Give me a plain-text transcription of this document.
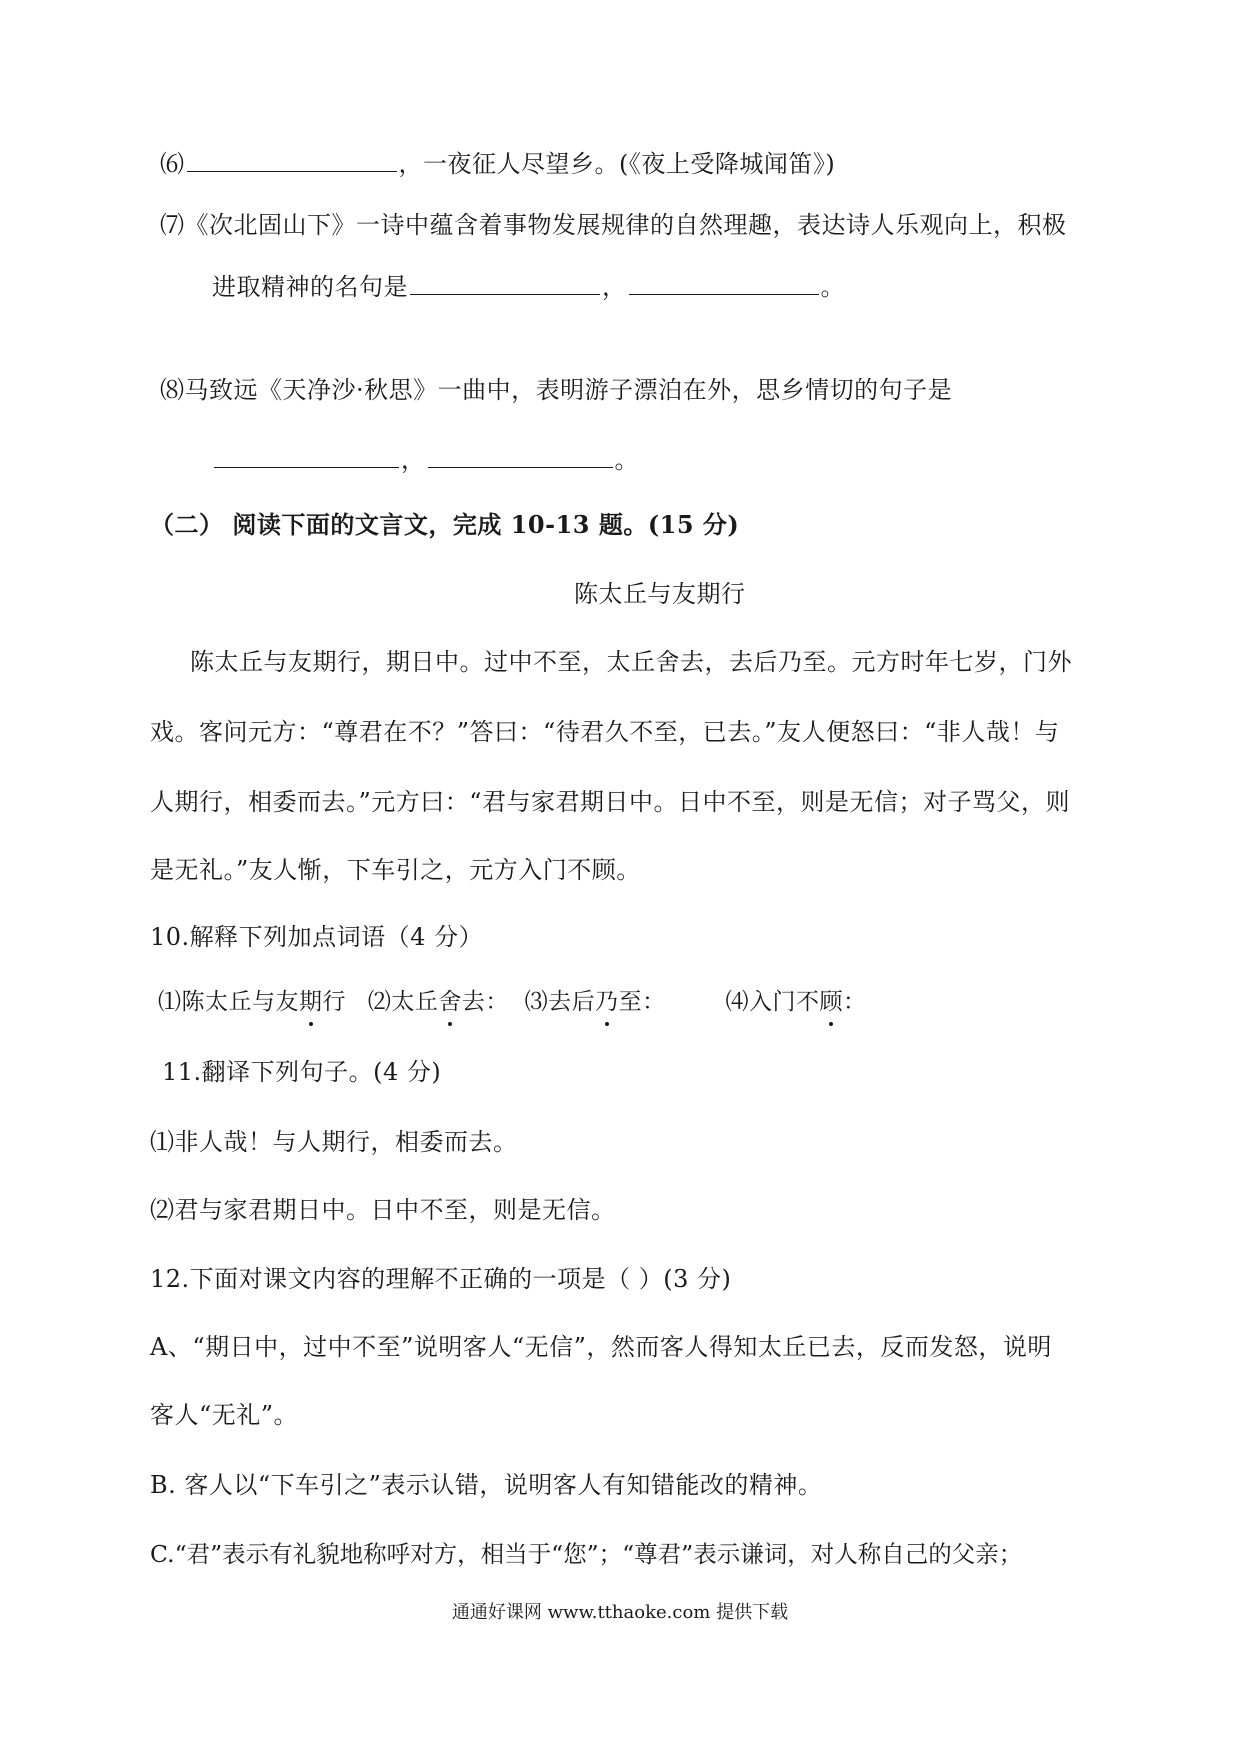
⑹	，一夜征人尽望乡。(《夜上受降城闻笛》)
⑺《次北固山下》一诗中蕴含着事物发展规律的自然理趣，表达诗人乐观向上，积极
进取精神的名句是	，	。
⑻马致远《天净沙·秋思》一曲中，表明游子漂泊在外，思乡情切的句子是
，	。
（二） 阅读下面的文言文，完成 10-13 题。(15 分)
陈太丘与友期行
陈太丘与友期行，期日中。过中不至，太丘舍去，去后乃至。元方时年七岁，门外
戏。客问元方：“尊君在不？”答曰：“待君久不至，已去。”友人便怒曰：“非人哉！与
人期行，相委而去。”元方曰：“君与家君期日中。日中不至，则是无信；对子骂父，则
是无礼。”友人惭，下车引之，元方入门不顾。
10.解释下列加点词语（4 分）
⑴陈太丘与友期行 ⑵太丘舍去： ⑶去后乃至：	⑷入门不顾：
11.翻译下列句子。(4 分)
⑴非人哉！与人期行，相委而去。
⑵君与家君期日中。日中不至，则是无信。
12.下面对课文内容的理解不正确的一项是（ ）(3 分)
A、“期日中，过中不至”说明客人“无信”，然而客人得知太丘已去，反而发怒，说明
客人“无礼”。
B. 客人以“下车引之”表示认错，说明客人有知错能改的精神。
C.“君”表示有礼貌地称呼对方，相当于“您”；“尊君”表示谦词，对人称自己的父亲；
通通好课网 www.tthaoke.com 提供下载
